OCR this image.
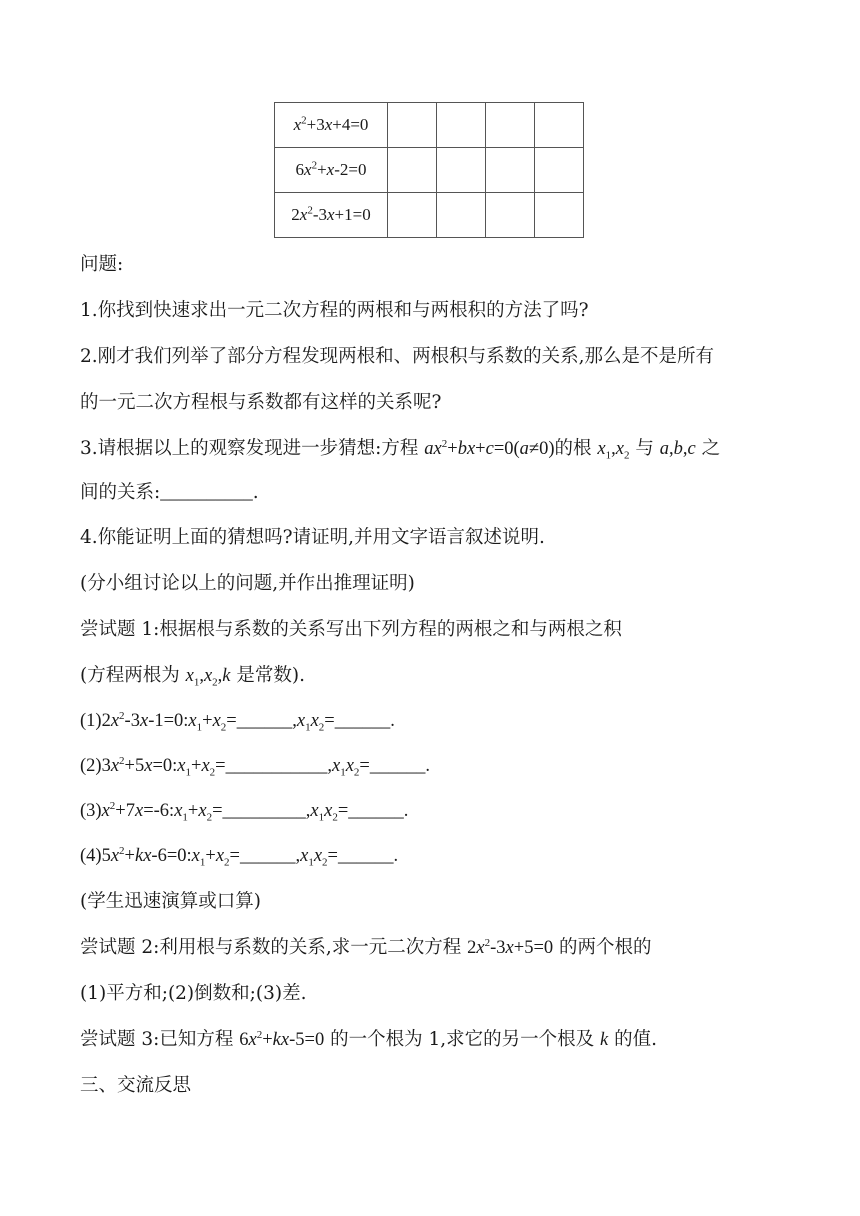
$x^2+3x+4=0$				
$6x^2+x-2=0$				
$2x^2-3x+1=0$				
问题:
1.你找到快速求出一元二次方程的两根和与两根积的方法了吗?
2.刚才我们列举了部分方程发现两根和、两根积与系数的关系,那么是不是所有
的一元二次方程根与系数都有这样的关系呢?
3.请根据以上的观察发现进一步猜想:方程 $ax^2+bx+c=0(a\ne 0)$的根 $x_1,x_2$ 与 a,b,c 之
间的关系:__________.
4.你能证明上面的猜想吗?请证明,并用文字语言叙述说明.
(分小组讨论以上的问题,并作出推理证明)
尝试题 1:根据根与系数的关系写出下列方程的两根之和与两根之积
(方程两根为 $x_1,x_2,k$ 是常数).
$(1)2x^2-3x-1=0:x_1+x_2=\_\_\_\_\_\_,x_1x_2=\_\_\_\_\_\_$.
$(2)3x^2+5x=0:x_1+x_2=\_\_\_\_\_\_\_\_\_\_\_,x_1x_2=\_\_\_\_\_\_$.
$(3)x^2+7x=-6:x_1+x_2=\_\_\_\_\_\_\_\_\_,x_1x_2=\_\_\_\_\_\_$.
$(4)5x^2+kx-6=0:x_1+x_2=\_\_\_\_\_\_,x_1x_2=\_\_\_\_\_\_$.
(学生迅速演算或口算)
尝试题 2:利用根与系数的关系,求一元二次方程 $2x^2-3x+5=0$ 的两个根的
(1)平方和;(2)倒数和;(3)差.
尝试题 3:已知方程 $6x^2+kx-5=0$ 的一个根为 1,求它的另一个根及 k 的值.
三、交流反思
